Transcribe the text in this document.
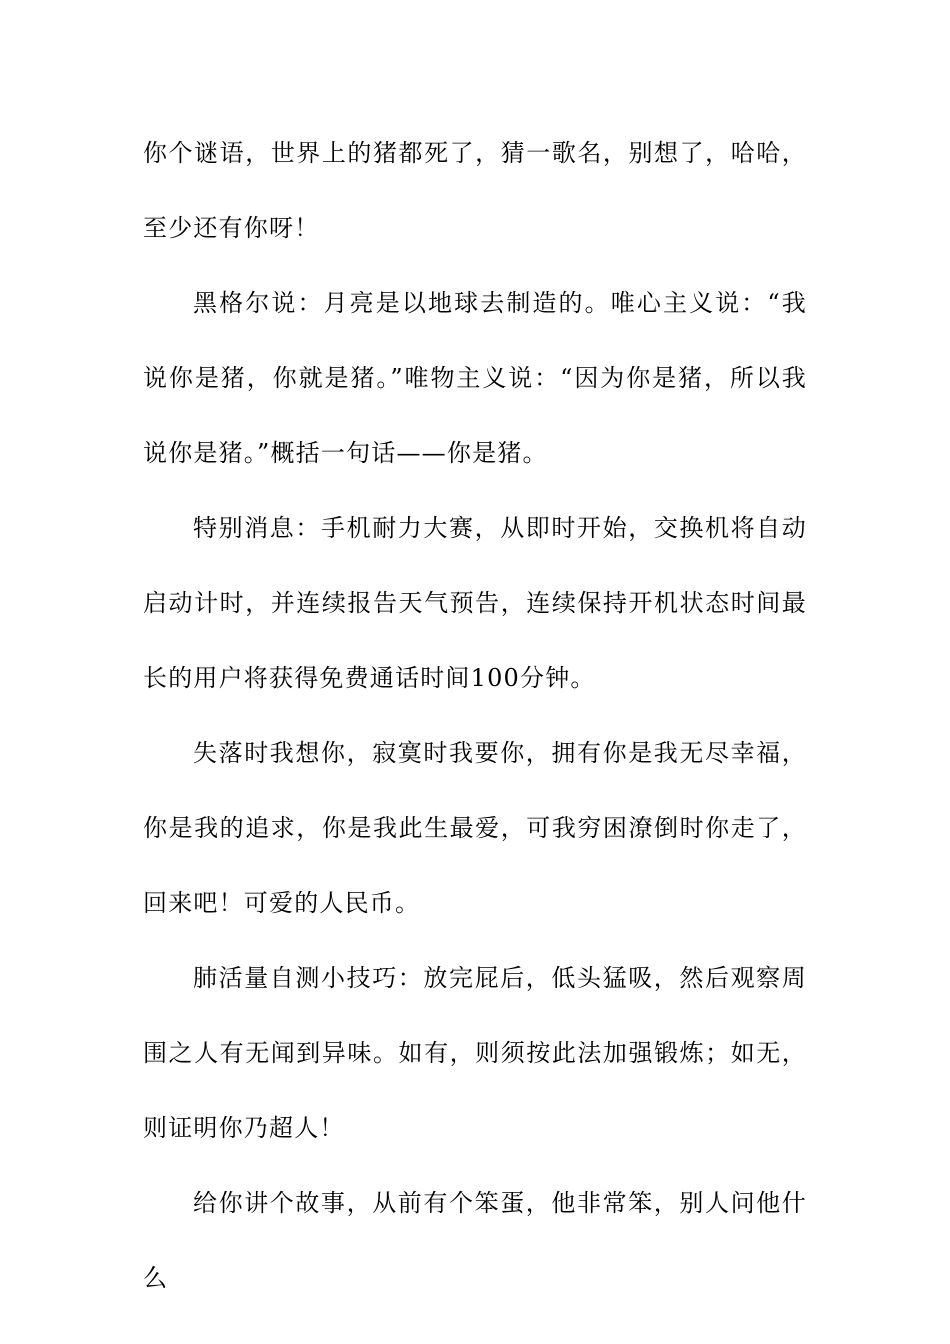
你个谜语，世界上的猪都死了，猜一歌名，别想了，哈哈，至少还有你呀！

黑格尔说：月亮是以地球去制造的。唯心主义说：“我说你是猪，你就是猪。”唯物主义说：“因为你是猪，所以我说你是猪。”概括一句话——你是猪。

特别消息：手机耐力大赛，从即时开始，交换机将自动启动计时，并连续报告天气预告，连续保持开机状态时间最长的用户将获得免费通话时间100分钟。

失落时我想你，寂寞时我要你，拥有你是我无尽幸福，你是我的追求，你是我此生最爱，可我穷困潦倒时你走了，回来吧！可爱的人民币。

肺活量自测小技巧：放完屁后，低头猛吸，然后观察周围之人有无闻到异味。如有，则须按此法加强锻炼；如无，则证明你乃超人！

给你讲个故事，从前有个笨蛋，他非常笨，别人问他什么
